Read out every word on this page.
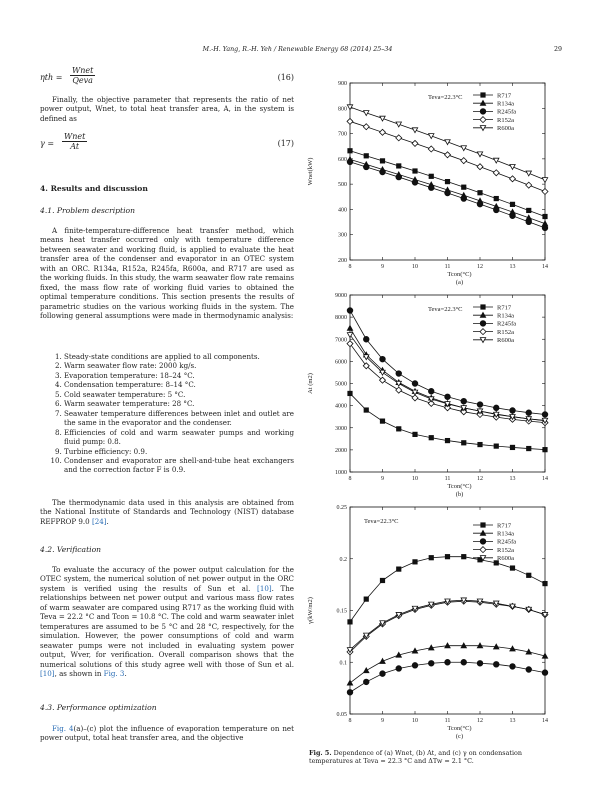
M.-H. Yang, R.-H. Yeh / Renewable Energy 68 (2014) 25–34	29
ηth =
Wnet
Qeva	(16)

Finally, the objective parameter that represents the ratio of net power output, Wnet, to total heat transfer area, A, in the system is defined as

γ =
Wnet
At	(17)
4. Results and discussion
4.1. Problem description

A finite-temperature-difference heat transfer method, which means heat transfer occurred only with temperature difference between seawater and working fluid, is applied to evaluate the heat transfer area of the condenser and evaporator in an OTEC system with an ORC. R134a, R152a, R245fa, R600a, and R717 are used as the working fluids. In this study, the warm seawater flow rate remains fixed, the mass flow rate of working fluid varies to obtained the optimal temperature conditions. This section presents the results of parametric studies on the various working fluids in the system. The following general assumptions were made in thermodynamic analysis:

1. Steady-state conditions are applied to all components.
2. Warm seawater flow rate: 2000 kg/s.
3. Evaporation temperature: 18–24 °C.
4. Condensation temperature: 8–14 °C.
5. Cold seawater temperature: 5 °C.
6. Warm seawater temperature: 28 °C.
7. Seawater temperature differences between inlet and outlet are the same in the evaporator and the condenser.
8. Efficiencies of cold and warm seawater pumps and working fluid pump: 0.8.
9. Turbine efficiency: 0.9.
10. Condenser and evaporator are shell-and-tube heat exchangers and the correction factor F is 0.9.

The thermodynamic data used in this analysis are obtained from the National Institute of Standards and Technology (NIST) database REFPROP 9.0 [24].

4.2. Verification

To evaluate the accuracy of the power output calculation for the OTEC system, the numerical solution of net power output in the ORC system is verified using the results of Sun et al. [10]. The relationships between net power output and various mass flow rates of warm seawater are compared using R717 as the working fluid with Teva = 22.2 °C and Tcon = 10.8 °C. The cold and warm seawater inlet temperatures are assumed to be 5 °C and 28 °C, respectively, for the simulation. However, the power consumptions of cold and warm seawater pumps were not included in evaluating system power output, Wver, for verification. Overall comparison shows that the numerical solutions of this study agree well with those of Sun et al. [10], as shown in Fig. 3.

4.3. Performance optimization

Fig. 4(a)–(c) plot the influence of evaporation temperature on net power output, total heat transfer area, and the objective

8	9	10	11	12	13	14
200
300
400
500
600
700
800
900
Tcon(°C)
Wnet(kW)
(a)
Teva=22.3°C	R717
R134a
R245fa
R152a
R600a
8	9	10	11	12	13	14
1000
2000
3000
4000
5000
6000
7000
8000
9000
Tcon(°C)
At (m2)
(b)
Teva=22.3°C	R717
R134a
R245fa
R152a
R600a
8	9	10	11	12	13	14
0.05
0.1
0.15
0.2
0.25
Tcon(°C)
γ(kW/m2)
(c)
Teva=22.3°C
R717
R134a
R245fa
R152a
R600a
Fig. 5. Dependence of (a) Wnet, (b) At, and (c) γ on condensation temperatures at Teva = 22.3 °C and ΔTw = 2.1 °C.
